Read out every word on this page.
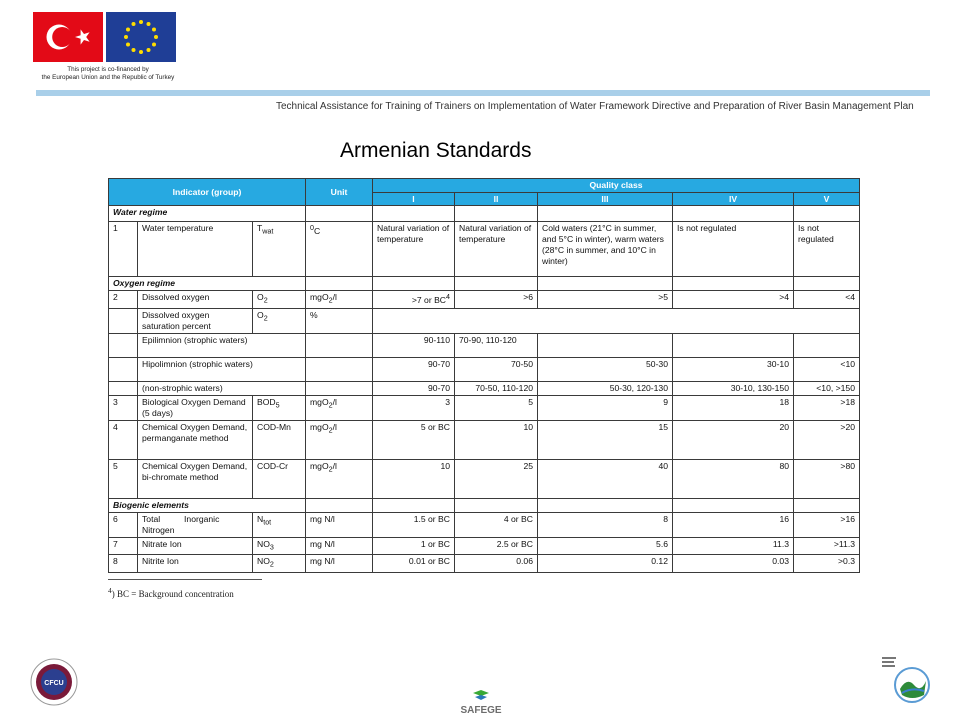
This project is co-financed by
the European Union and the Republic of Turkey
Technical Assistance for Training of Trainers on Implementation of Water Framework Directive and Preparation of River Basin Management Plan
Armenian Standards
Indicator (group)			Unit	Quality class				
				I	II	III	IV	V
Water regime								
1	Water temperature	$T_{wat}$	$^0$C	Natural variation of temperature	Natural variation of temperature	Cold waters (21°C in summer, and 5°C in winter), warm waters (28°C in summer, and 10°C in winter)	Is not regulated	Is not regulated
Oxygen regime								
2	Dissolved oxygen	$O_2$	mgO$_2$/l	>7 or $BC^4$	>6	>5	>4	<4
	Dissolved oxygen saturation percent	$O_2$	%					
	Epilimnion (strophic waters)			90-110	70-90, 110-120			
	Hipolimnion (strophic waters)			90-70	70-50	50-30	30-10	<10
	(non-strophic waters)			90-70	70-50, 110-120	50-30, 120-130	30-10, 130-150	<10, >150
3	Biological Oxygen Demand (5 days)	$BOD_5$	mgO$_2$/l	3	5	9	18	>18
4	Chemical Oxygen Demand, permanganate method	COD-Mn	mgO$_2$/l	5 or BC	10	15	20	>20
5	Chemical Oxygen Demand, bi-chromate method	COD-Cr	mgO$_2$/l	10	25	40	80	>80
Biogenic elements								
6	Total          Inorganic Nitrogen	$N_{tot}$	mg N/l	1.5 or BC	4 or BC	8	16	>16
7	Nitrate Ion	$NO_3$	mg N/l	1 or BC	2.5 or BC	5.6	11.3	>11.3
8	Nitrite Ion	$NO_2$	mg N/l	0.01 or BC	0.06	0.12	0.03	>0.3
$^4$) BC = Background concentration
CFCU
SAFEGE
